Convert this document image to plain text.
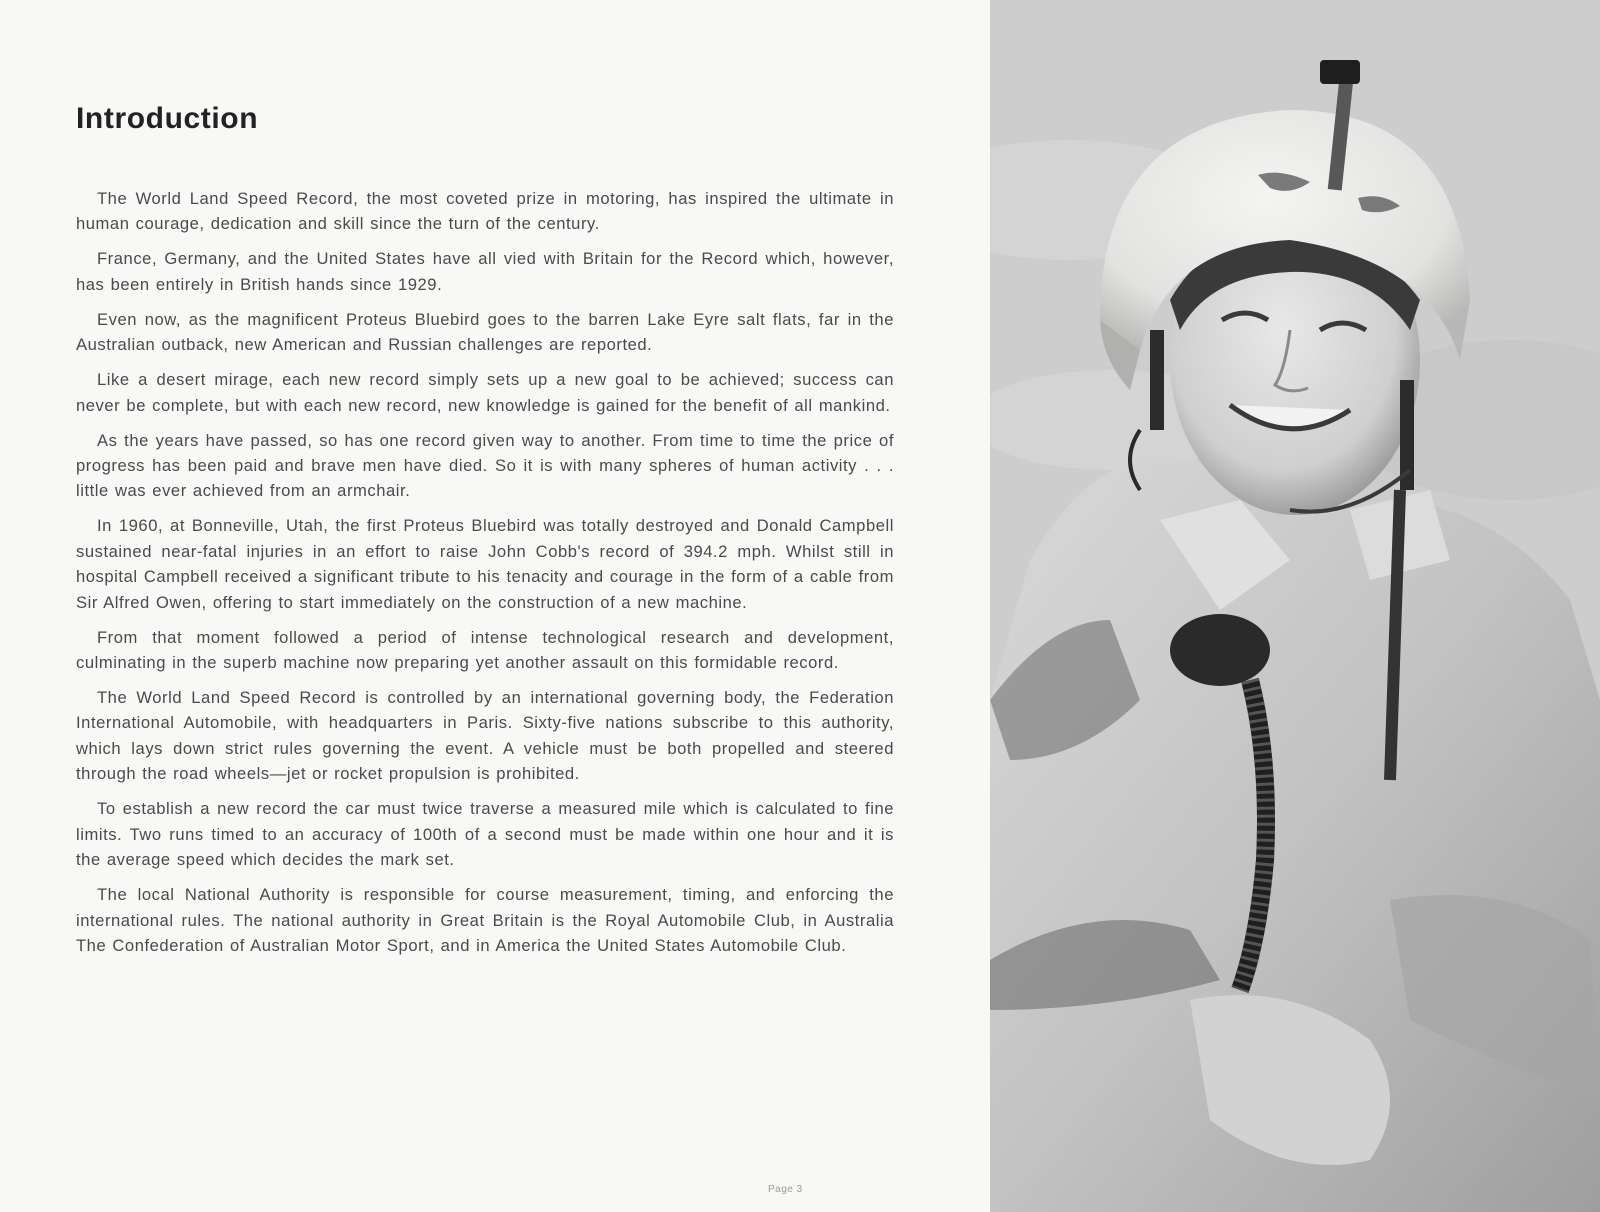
Introduction

The World Land Speed Record, the most coveted prize in motoring, has inspired the ultimate in human courage, dedication and skill since the turn of the century.

France, Germany, and the United States have all vied with Britain for the Record which, however, has been entirely in British hands since 1929.

Even now, as the magnificent Proteus Bluebird goes to the barren Lake Eyre salt flats, far in the Australian outback, new American and Russian challenges are reported.

Like a desert mirage, each new record simply sets up a new goal to be achieved; success can never be complete, but with each new record, new knowledge is gained for the benefit of all mankind.

As the years have passed, so has one record given way to another. From time to time the price of progress has been paid and brave men have died. So it is with many spheres of human activity . . . little was ever achieved from an armchair.

In 1960, at Bonneville, Utah, the first Proteus Bluebird was totally destroyed and Donald Campbell sustained near-fatal injuries in an effort to raise John Cobb's record of 394.2 mph. Whilst still in hospital Campbell received a significant tribute to his tenacity and courage in the form of a cable from Sir Alfred Owen, offering to start immediately on the construction of a new machine.

From that moment followed a period of intense technological research and development, culminating in the superb machine now preparing yet another assault on this formidable record.

The World Land Speed Record is controlled by an international governing body, the Federation International Automobile, with headquarters in Paris. Sixty-five nations subscribe to this authority, which lays down strict rules governing the event. A vehicle must be both propelled and steered through the road wheels—jet or rocket propulsion is prohibited.

To establish a new record the car must twice traverse a measured mile which is calculated to fine limits. Two runs timed to an accuracy of 100th of a second must be made within one hour and it is the average speed which decides the mark set.

The local National Authority is responsible for course measurement, timing, and enforcing the international rules. The national authority in Great Britain is the Royal Automobile Club, in Australia The Confederation of Australian Motor Sport, and in America the United States Automobile Club.

Page 3
